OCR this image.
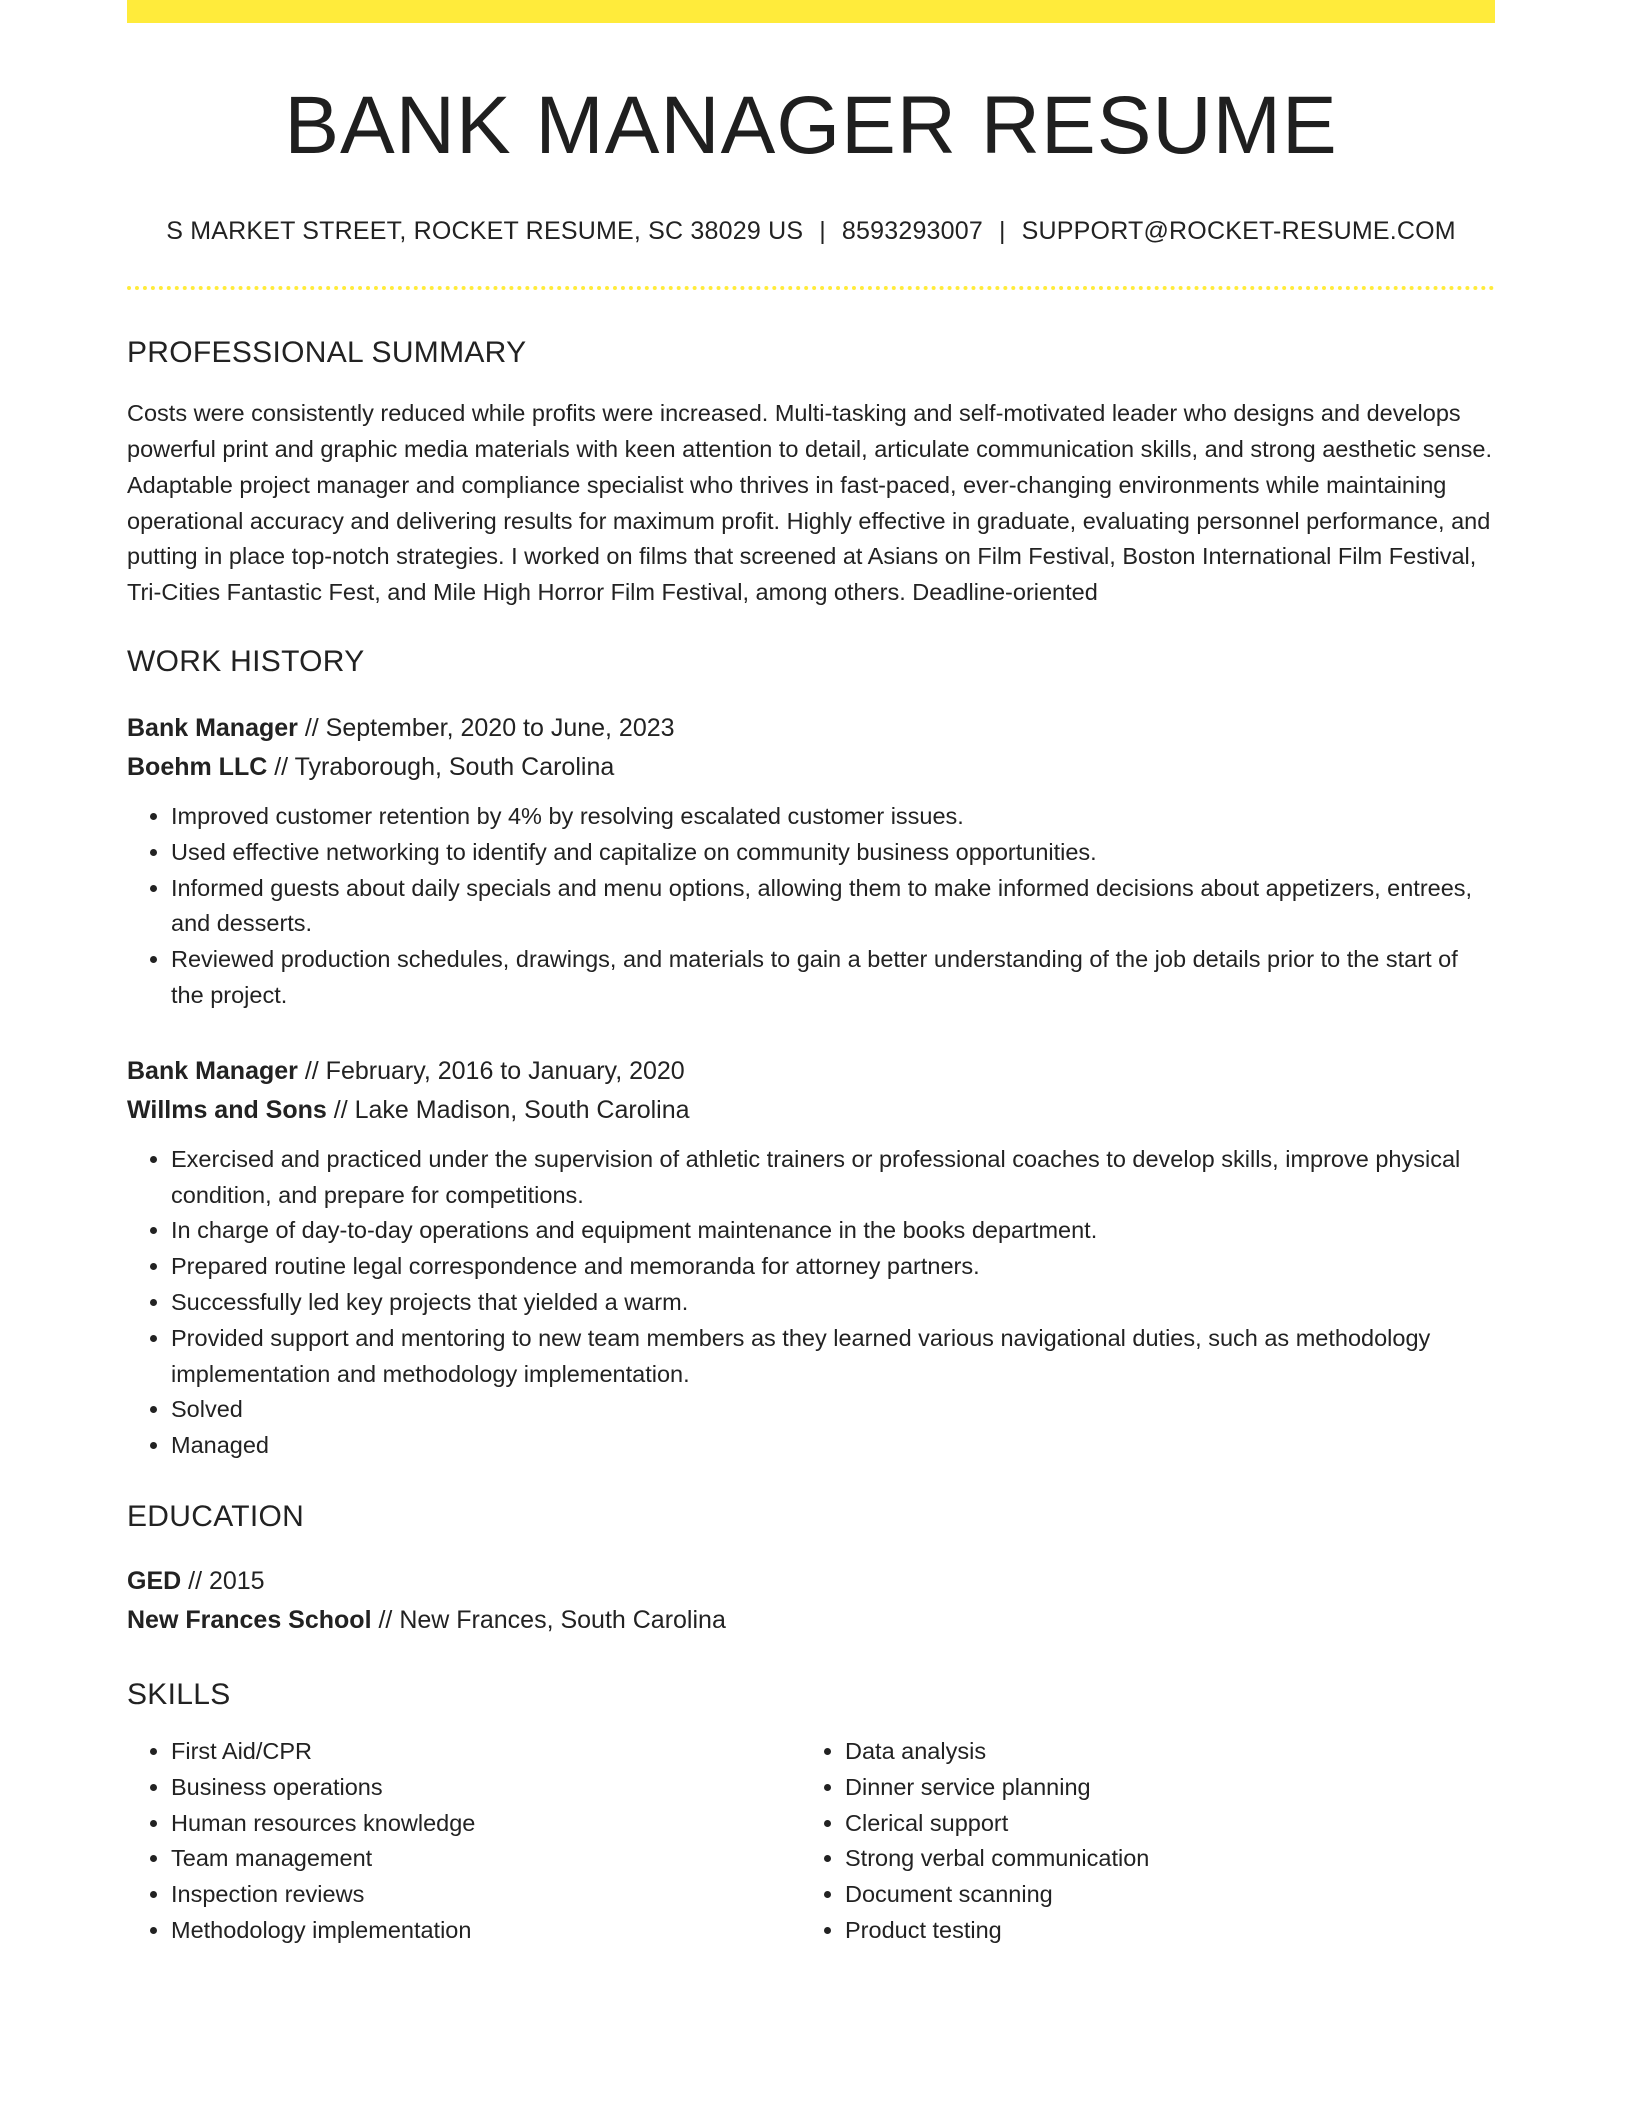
BANK MANAGER RESUME
S MARKET STREET, ROCKET RESUME, SC 38029 US | 8593293007 | SUPPORT@ROCKET-RESUME.COM
PROFESSIONAL SUMMARY
Costs were consistently reduced while profits were increased. Multi-tasking and self-motivated leader who designs and develops powerful print and graphic media materials with keen attention to detail, articulate communication skills, and strong aesthetic sense. Adaptable project manager and compliance specialist who thrives in fast-paced, ever-changing environments while maintaining operational accuracy and delivering results for maximum profit. Highly effective in graduate, evaluating personnel performance, and putting in place top-notch strategies. I worked on films that screened at Asians on Film Festival, Boston International Film Festival, Tri-Cities Fantastic Fest, and Mile High Horror Film Festival, among others. Deadline-oriented
WORK HISTORY
Bank Manager // September, 2020 to June, 2023
Boehm LLC // Tyraborough, South Carolina
• Improved customer retention by 4% by resolving escalated customer issues.
• Used effective networking to identify and capitalize on community business opportunities.
• Informed guests about daily specials and menu options, allowing them to make informed decisions about appetizers, entrees, and desserts.
• Reviewed production schedules, drawings, and materials to gain a better understanding of the job details prior to the start of the project.
Bank Manager // February, 2016 to January, 2020
Willms and Sons // Lake Madison, South Carolina
• Exercised and practiced under the supervision of athletic trainers or professional coaches to develop skills, improve physical condition, and prepare for competitions.
• In charge of day-to-day operations and equipment maintenance in the books department.
• Prepared routine legal correspondence and memoranda for attorney partners.
• Successfully led key projects that yielded a warm.
• Provided support and mentoring to new team members as they learned various navigational duties, such as methodology implementation and methodology implementation.
• Solved
• Managed
EDUCATION
GED // 2015
New Frances School // New Frances, South Carolina
SKILLS
• First Aid/CPR
• Business operations
• Human resources knowledge
• Team management
• Inspection reviews
• Methodology implementation
• Data analysis
• Dinner service planning
• Clerical support
• Strong verbal communication
• Document scanning
• Product testing
